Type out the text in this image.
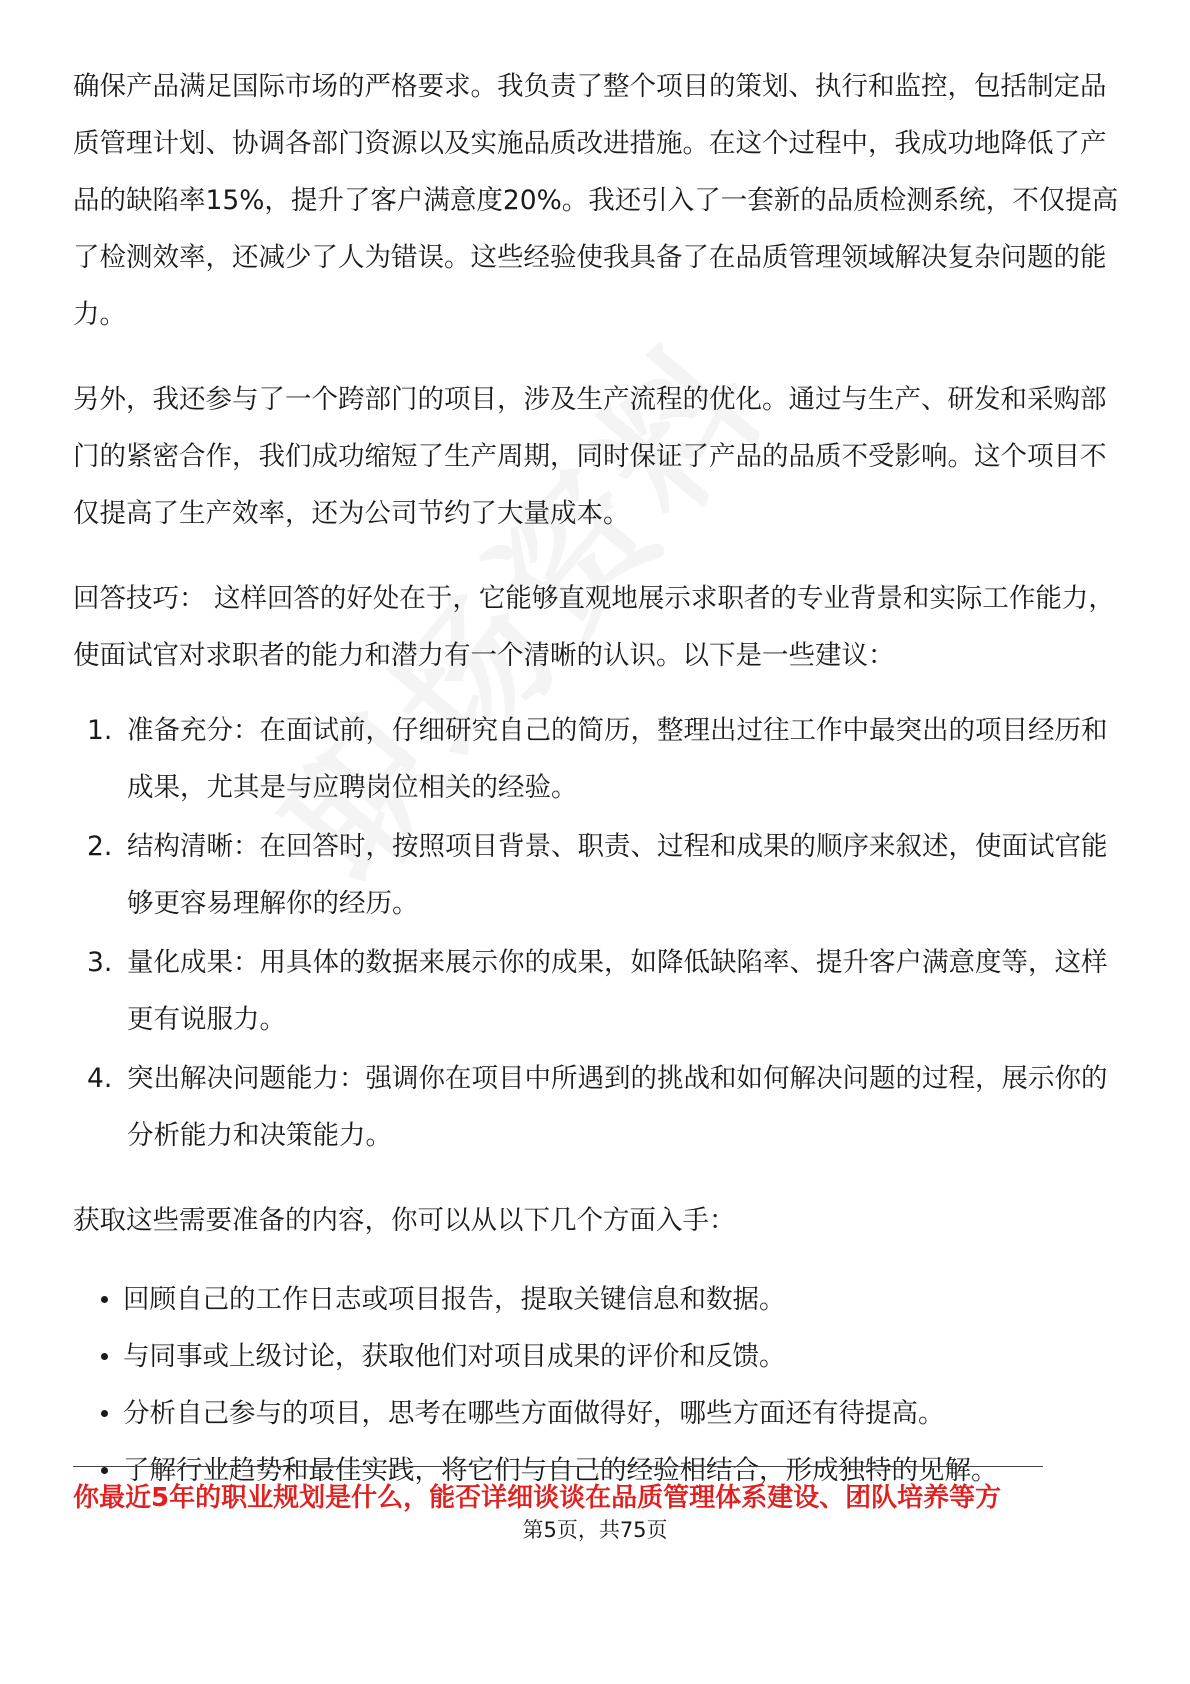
确保产品满足国际市场的严格要求。我负责了整个项目的策划、执行和监控，包括制定品质管理计划、协调各部门资源以及实施品质改进措施。在这个过程中，我成功地降低了产品的缺陷率15%，提升了客户满意度20%。我还引入了一套新的品质检测系统，不仅提高了检测效率，还减少了人为错误。这些经验使我具备了在品质管理领域解决复杂问题的能力。

另外，我还参与了一个跨部门的项目，涉及生产流程的优化。通过与生产、研发和采购部门的紧密合作，我们成功缩短了生产周期，同时保证了产品的品质不受影响。这个项目不仅提高了生产效率，还为公司节约了大量成本。

回答技巧： 这样回答的好处在于，它能够直观地展示求职者的专业背景和实际工作能力，使面试官对求职者的能力和潜力有一个清晰的认识。以下是一些建议：

1. 准备充分：在面试前，仔细研究自己的简历，整理出过往工作中最突出的项目经历和成果，尤其是与应聘岗位相关的经验。
2. 结构清晰：在回答时，按照项目背景、职责、过程和成果的顺序来叙述，使面试官能够更容易理解你的经历。
3. 量化成果：用具体的数据来展示你的成果，如降低缺陷率、提升客户满意度等，这样更有说服力。
4. 突出解决问题能力：强调你在项目中所遇到的挑战和如何解决问题的过程，展示你的分析能力和决策能力。

获取这些需要准备的内容，你可以从以下几个方面入手：

回顾自己的工作日志或项目报告，提取关键信息和数据。
与同事或上级讨论，获取他们对项目成果的评价和反馈。
分析自己参与的项目，思考在哪些方面做得好，哪些方面还有待提高。
了解行业趋势和最佳实践，将它们与自己的经验相结合，形成独特的见解。
你最近5年的职业规划是什么，能否详细谈谈在品质管理体系建设、团队培养等方
第5页，共75页
